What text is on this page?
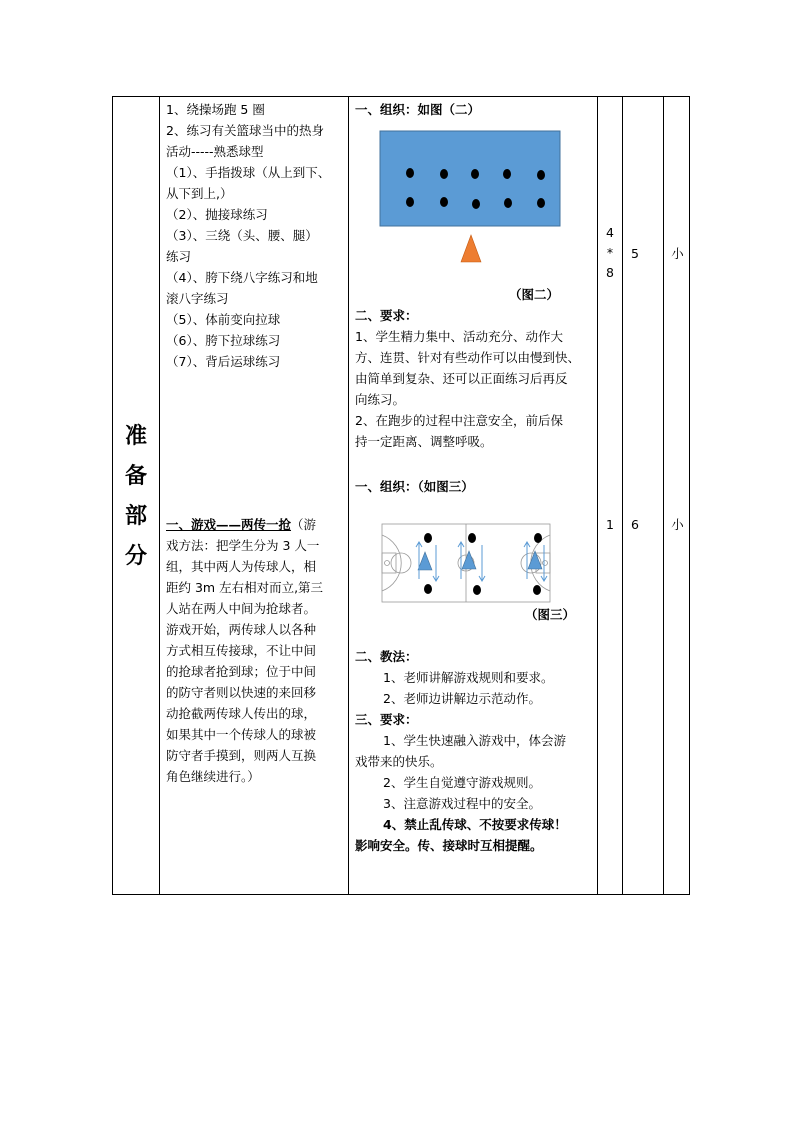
准
备
部
分
1、绕操场跑 5 圈
2、练习有关篮球当中的热身
活动-----熟悉球型
（1）、手指拨球（从上到下、
从下到上,）
（2）、抛接球练习
（3）、三绕（头、腰、腿）
练习
（4）、胯下绕八字练习和地
滚八字练习
（5）、体前变向拉球
（6）、胯下拉球练习
（7）、背后运球练习
一、游戏——两传一抢（游
戏方法：把学生分为 3 人一
组，其中两人为传球人，相
距约 3m 左右相对而立,第三
人站在两人中间为抢球者。
游戏开始，两传球人以各种
方式相互传接球，不让中间
的抢球者抢到球；位于中间
的防守者则以快速的来回移
动抢截两传球人传出的球，
如果其中一个传球人的球被
防守者手摸到，则两人互换
角色继续进行。）
一、组织：如图（二）
（图二）
二、要求：
1、学生精力集中、活动充分、动作大
方、连贯、针对有些动作可以由慢到快、
由简单到复杂、还可以正面练习后再反
向练习。
2、在跑步的过程中注意安全，前后保
持一定距离、调整呼吸。
一、组织：（如图三）
（图三）
二、教法：
1、老师讲解游戏规则和要求。
2、老师边讲解边示范动作。
三、要求：
1、学生快速融入游戏中，体会游
戏带来的快乐。
2、学生自觉遵守游戏规则。
3、注意游戏过程中的安全。
4、禁止乱传球、不按要求传球！
影响安全。传、接球时互相提醒。
4
*
8
1
5
6
小
小
